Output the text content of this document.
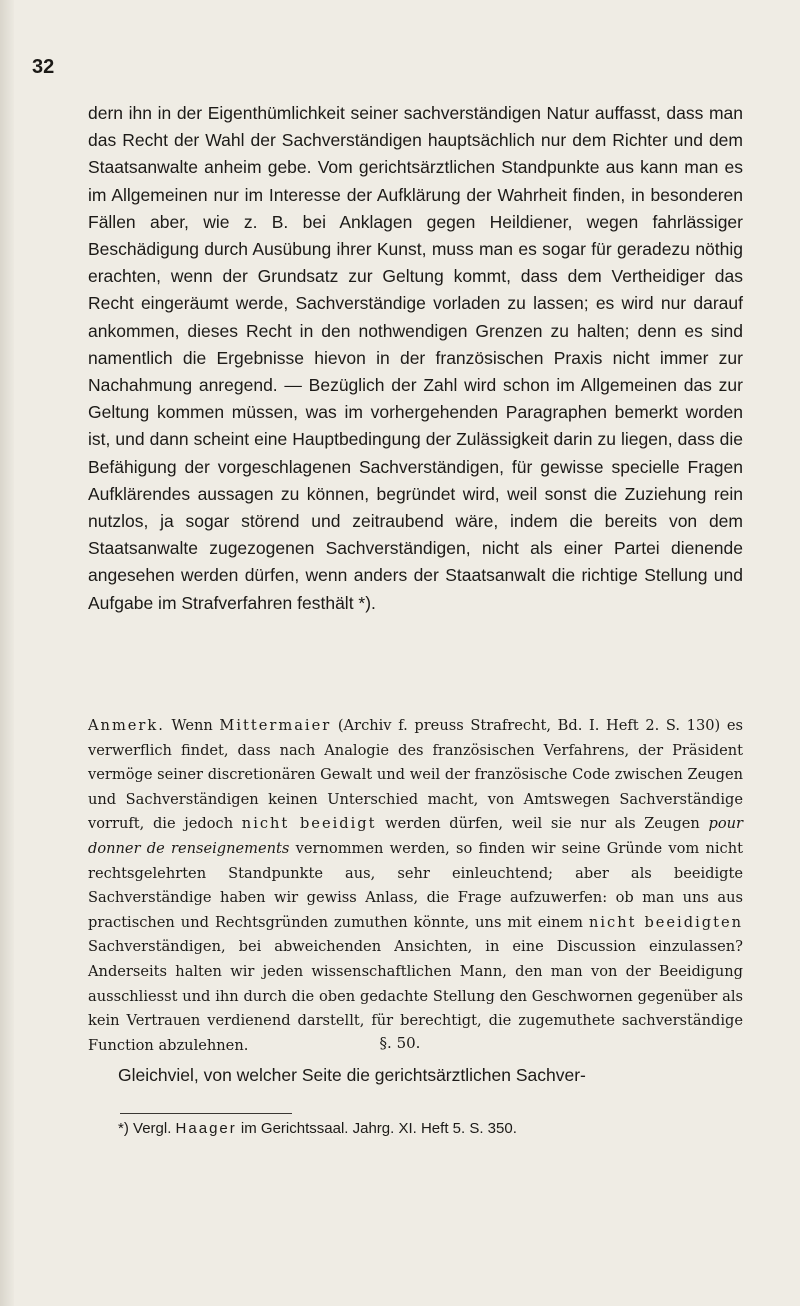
32

dern ihn in der Eigenthümlichkeit seiner sachverständigen Natur auffasst, dass man das Recht der Wahl der Sachverständigen hauptsächlich nur dem Richter und dem Staatsanwalte anheim gebe. Vom gerichtsärztlichen Standpunkte aus kann man es im Allgemeinen nur im Interesse der Aufklärung der Wahrheit finden, in besonderen Fällen aber, wie z. B. bei Anklagen gegen Heildiener, wegen fahrlässiger Beschädigung durch Ausübung ihrer Kunst, muss man es sogar für geradezu nöthig erachten, wenn der Grundsatz zur Geltung kommt, dass dem Vertheidiger das Recht eingeräumt werde, Sachverständige vorladen zu lassen; es wird nur darauf ankommen, dieses Recht in den nothwendigen Grenzen zu halten; denn es sind namentlich die Ergebnisse hievon in der französischen Praxis nicht immer zur Nachahmung anregend. — Bezüglich der Zahl wird schon im Allgemeinen das zur Geltung kommen müssen, was im vorhergehenden Paragraphen bemerkt worden ist, und dann scheint eine Hauptbedingung der Zulässigkeit darin zu liegen, dass die Befähigung der vorgeschlagenen Sachverständigen, für gewisse specielle Fragen Aufklärendes aussagen zu können, begründet wird, weil sonst die Zuziehung rein nutzlos, ja sogar störend und zeitraubend wäre, indem die bereits von dem Staatsanwalte zugezogenen Sachverständigen, nicht als einer Partei dienende angesehen werden dürfen, wenn anders der Staatsanwalt die richtige Stellung und Aufgabe im Strafverfahren festhält *).

Anmerk. Wenn Mittermaier (Archiv f. preuss Strafrecht, Bd. I. Heft 2. S. 130) es verwerflich findet, dass nach Analogie des französischen Verfahrens, der Präsident vermöge seiner discretionären Gewalt und weil der französische Code zwischen Zeugen und Sachverständigen keinen Unterschied macht, von Amtswegen Sachverständige vorruft, die jedoch nicht beeidigt werden dürfen, weil sie nur als Zeugen pour donner de renseignements vernommen werden, so finden wir seine Gründe vom nicht rechtsgelehrten Standpunkte aus, sehr einleuchtend; aber als beeidigte Sachverständige haben wir gewiss Anlass, die Frage aufzuwerfen: ob man uns aus practischen und Rechtsgründen zumuthen könnte, uns mit einem nicht beeidigten Sachverständigen, bei abweichenden Ansichten, in eine Discussion einzulassen? Anderseits halten wir jeden wissenschaftlichen Mann, den man von der Beeidigung ausschliesst und ihn durch die oben gedachte Stellung den Geschwornen gegenüber als kein Vertrauen verdienend darstellt, für berechtigt, die zugemuthete sachverständige Function abzulehnen.	§. 50.

Gleichviel, von welcher Seite die gerichtsärztlichen Sachver-

*) Vergl. Haager im Gerichtssaal. Jahrg. XI. Heft 5. S. 350.
